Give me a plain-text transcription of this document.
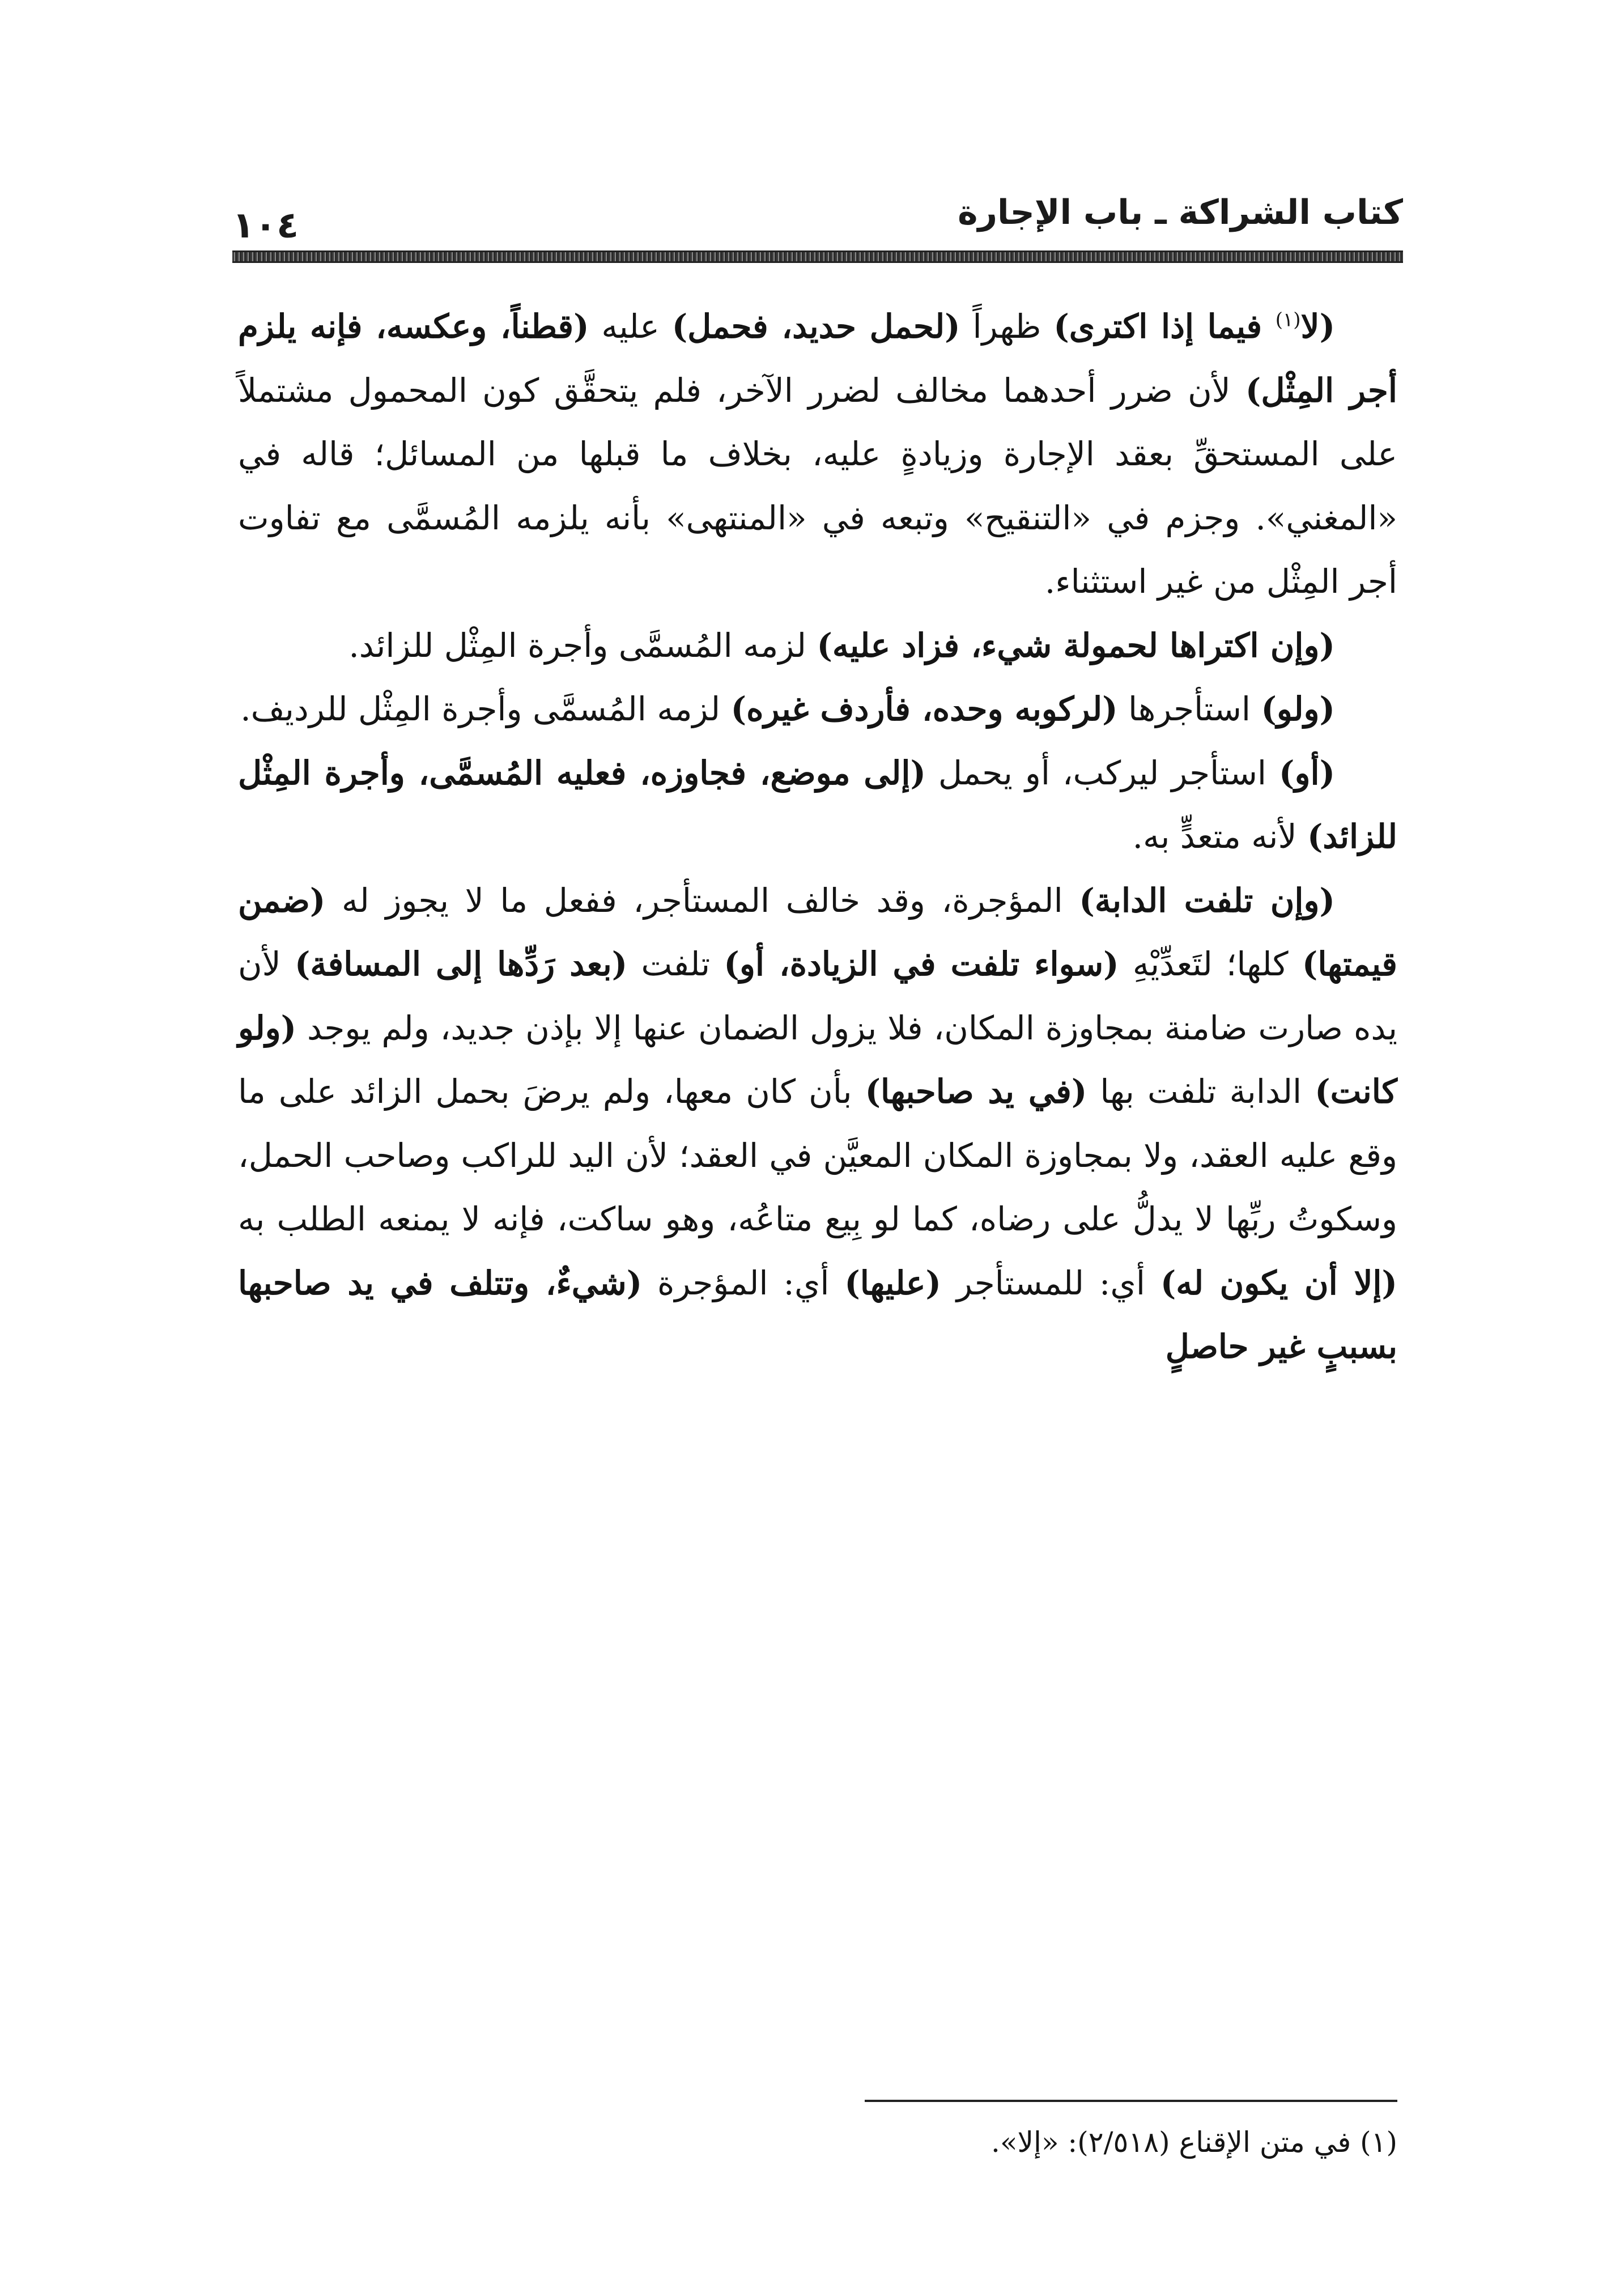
كتاب الشراكة ـ باب الإجارة
١٠٤

(لا$^{(١)}$ فيما إذا اكترى) ظهراً (لحمل حديد، فحمل) عليه (قطناً، وعكسه، فإنه يلزم أجر المِثْل) لأن ضرر أحدهما مخالف لضرر الآخر، فلم يتحقَّق كون المحمول مشتملاً على المستحقِّ بعقد الإجارة وزيادةٍ عليه، بخلاف ما قبلها من المسائل؛ قاله في «المغني». وجزم في «التنقيح» وتبعه في «المنتهى» بأنه يلزمه المُسمَّى مع تفاوت أجر المِثْل من غير استثناء.

(وإن اكتراها لحمولة شيء، فزاد عليه) لزمه المُسمَّى وأجرة المِثْل للزائد.

(ولو) استأجرها (لركوبه وحده، فأردف غيره) لزمه المُسمَّى وأجرة المِثْل للرديف.

(أو) استأجر ليركب، أو يحمل (إلى موضع، فجاوزه، فعليه المُسمَّى، وأجرة المِثْل للزائد) لأنه متعدٍّ به.

(وإن تلفت الدابة) المؤجرة، وقد خالف المستأجر، ففعل ما لا يجوز له (ضمن قيمتها) كلها؛ لتَعدِّيْهِ (سواء تلفت في الزيادة، أو) تلفت (بعد رَدِّها إلى المسافة) لأن يده صارت ضامنة بمجاوزة المكان، فلا يزول الضمان عنها إلا بإذن جديد، ولم يوجد (ولو كانت) الدابة تلفت بها (في يد صاحبها) بأن كان معها، ولم يرضَ بحمل الزائد على ما وقع عليه العقد، ولا بمجاوزة المكان المعيَّن في العقد؛ لأن اليد للراكب وصاحب الحمل، وسكوتُ ربِّها لا يدلُّ على رضاه، كما لو بِيع متاعُه، وهو ساكت، فإنه لا يمنعه الطلب به (إلا أن يكون له) أي: للمستأجر (عليها) أي: المؤجرة (شيءٌ، وتتلف في يد صاحبها بسببٍ غير حاصلٍ

(١) في متن الإقناع (٢/٥١٨): «إلا».
